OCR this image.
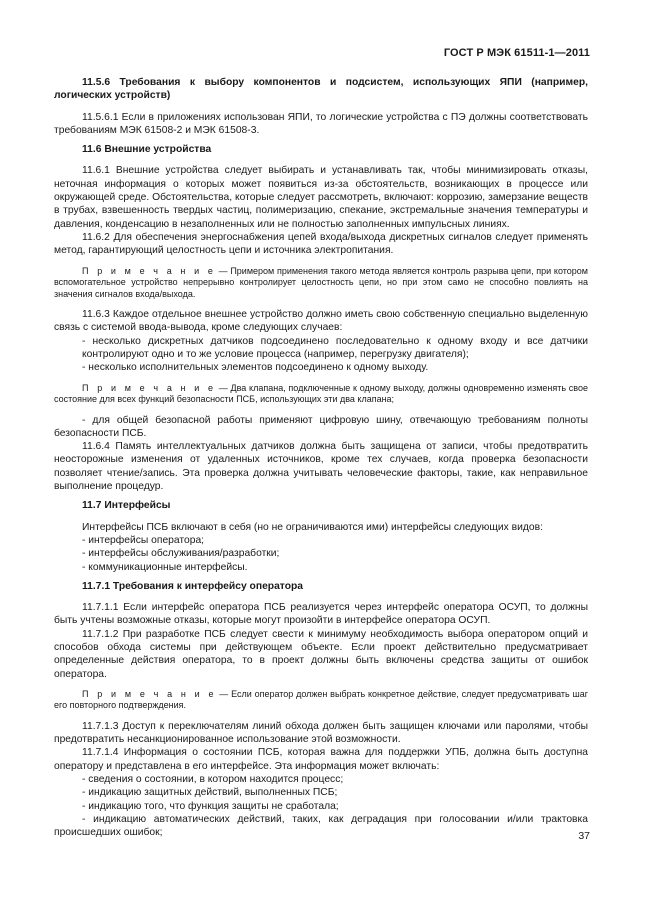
ГОСТ Р МЭК 61511-1—2011

11.5.6 Требования к выбору компонентов и подсистем, использующих ЯПИ (например, логических устройств)

11.5.6.1 Если в приложениях использован ЯПИ, то логические устройства с ПЭ должны соответствовать требованиям МЭК 61508-2 и МЭК 61508-3.

11.6 Внешние устройства

11.6.1 Внешние устройства следует выбирать и устанавливать так, чтобы минимизировать отказы, неточная информация о которых может появиться из-за обстоятельств, возникающих в процессе или окружающей среде. Обстоятельства, которые следует рассмотреть, включают: коррозию, замерзание веществ в трубах, взвешенность твердых частиц, полимеризацию, спекание, экстремальные значения температуры и давления, конденсацию в незаполненных или не полностью заполненных импульсных линиях.

11.6.2 Для обеспечения энергоснабжения цепей входа/выхода дискретных сигналов следует применять метод, гарантирующий целостность цепи и источника электропитания.

П р и м е ч а н и е — Примером применения такого метода является контроль разрыва цепи, при котором вспомогательное устройство непрерывно контролирует целостность цепи, но при этом само не способно повлиять на значения сигналов входа/выхода.

11.6.3 Каждое отдельное внешнее устройство должно иметь свою собственную специально выделенную связь с системой ввода-вывода, кроме следующих случаев:

- несколько дискретных датчиков подсоединено последовательно к одному входу и все датчики контролируют одно и то же условие процесса (например, перегрузку двигателя);

- несколько исполнительных элементов подсоединено к одному выходу.

П р и м е ч а н и е — Два клапана, подключенные к одному выходу, должны одновременно изменять свое состояние для всех функций безопасности ПСБ, использующих эти два клапана;

- для общей безопасной работы применяют цифровую шину, отвечающую требованиям полноты безопасности ПСБ.

11.6.4 Память интеллектуальных датчиков должна быть защищена от записи, чтобы предотвратить неосторожные изменения от удаленных источников, кроме тех случаев, когда проверка безопасности позволяет чтение/запись. Эта проверка должна учитывать человеческие факторы, такие, как неправильное выполнение процедур.

11.7 Интерфейсы

Интерфейсы ПСБ включают в себя (но не ограничиваются ими) интерфейсы следующих видов:

- интерфейсы оператора;

- интерфейсы обслуживания/разработки;

- коммуникационные интерфейсы.

11.7.1 Требования к интерфейсу оператора

11.7.1.1 Если интерфейс оператора ПСБ реализуется через интерфейс оператора ОСУП, то должны быть учтены возможные отказы, которые могут произойти в интерфейсе оператора ОСУП.

11.7.1.2 При разработке ПСБ следует свести к минимуму необходимость выбора оператором опций и способов обхода системы при действующем объекте. Если проект действительно предусматривает определенные действия оператора, то в проект должны быть включены средства защиты от ошибок оператора.

П р и м е ч а н и е — Если оператор должен выбрать конкретное действие, следует предусматривать шаг его повторного подтверждения.

11.7.1.3 Доступ к переключателям линий обхода должен быть защищен ключами или паролями, чтобы предотвратить несанкционированное использование этой возможности.

11.7.1.4 Информация о состоянии ПСБ, которая важна для поддержки УПБ, должна быть доступна оператору и представлена в его интерфейсе. Эта информация может включать:

- сведения о состоянии, в котором находится процесс;

- индикацию защитных действий, выполненных ПСБ;

- индикацию того, что функция защиты не сработала;

- индикацию автоматических действий, таких, как деградация при голосовании и/или трактовка происшедших ошибок;	37
